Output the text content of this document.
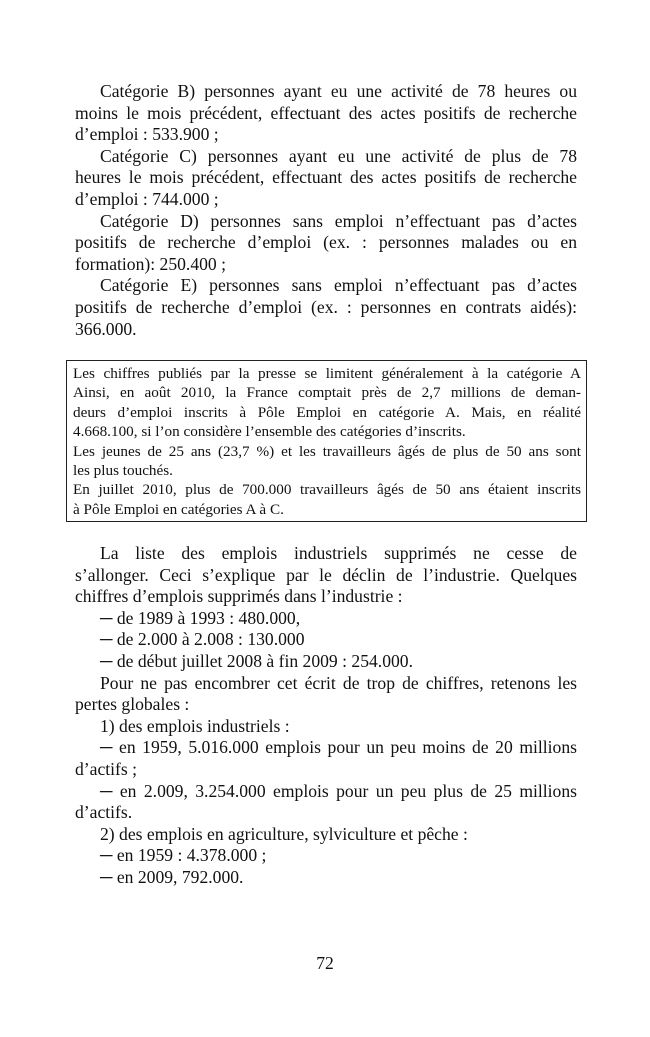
Catégorie B) personnes ayant eu une activité de 78 heures ou
moins le mois précédent, effectuant des actes positifs de recherche
d’emploi : 533.900 ;
Catégorie C) personnes ayant eu une activité de plus de 78
heures le mois précédent, effectuant des actes positifs de recherche
d’emploi : 744.000 ;
Catégorie D) personnes sans emploi n’effectuant pas d’actes
positifs de recherche d’emploi (ex. : personnes malades ou en
formation): 250.400 ;
Catégorie E) personnes sans emploi n’effectuant pas d’actes
positifs de recherche d’emploi (ex. : personnes en contrats aidés):
366.000.
Les chiffres publiés par la presse se limitent généralement à la catégorie A
Ainsi, en août 2010, la France comptait près de 2,7 millions de deman-
deurs d’emploi inscrits à Pôle Emploi en catégorie A. Mais, en réalité
4.668.100, si l’on considère l’ensemble des catégories d’inscrits.
Les jeunes de 25 ans (23,7 %) et les travailleurs âgés de plus de 50 ans sont
les plus touchés.
En juillet 2010, plus de 700.000 travailleurs âgés de 50 ans étaient inscrits
à Pôle Emploi en catégories A à C.
La liste des emplois industriels supprimés ne cesse de
s’allonger. Ceci s’explique par le déclin de l’industrie. Quelques
chiffres d’emplois supprimés dans l’industrie :
─ de 1989 à 1993 : 480.000,
─ de 2.000 à 2.008 : 130.000
─ de début juillet 2008 à fin 2009 : 254.000.
Pour ne pas encombrer cet écrit de trop de chiffres, retenons les
pertes globales :
1) des emplois industriels :
─ en 1959, 5.016.000 emplois pour un peu moins de 20 millions
d’actifs ;
─ en 2.009, 3.254.000 emplois pour un peu plus de 25 millions
d’actifs.
2) des emplois en agriculture, sylviculture et pêche :
─ en 1959 : 4.378.000 ;
─ en 2009, 792.000.
72
